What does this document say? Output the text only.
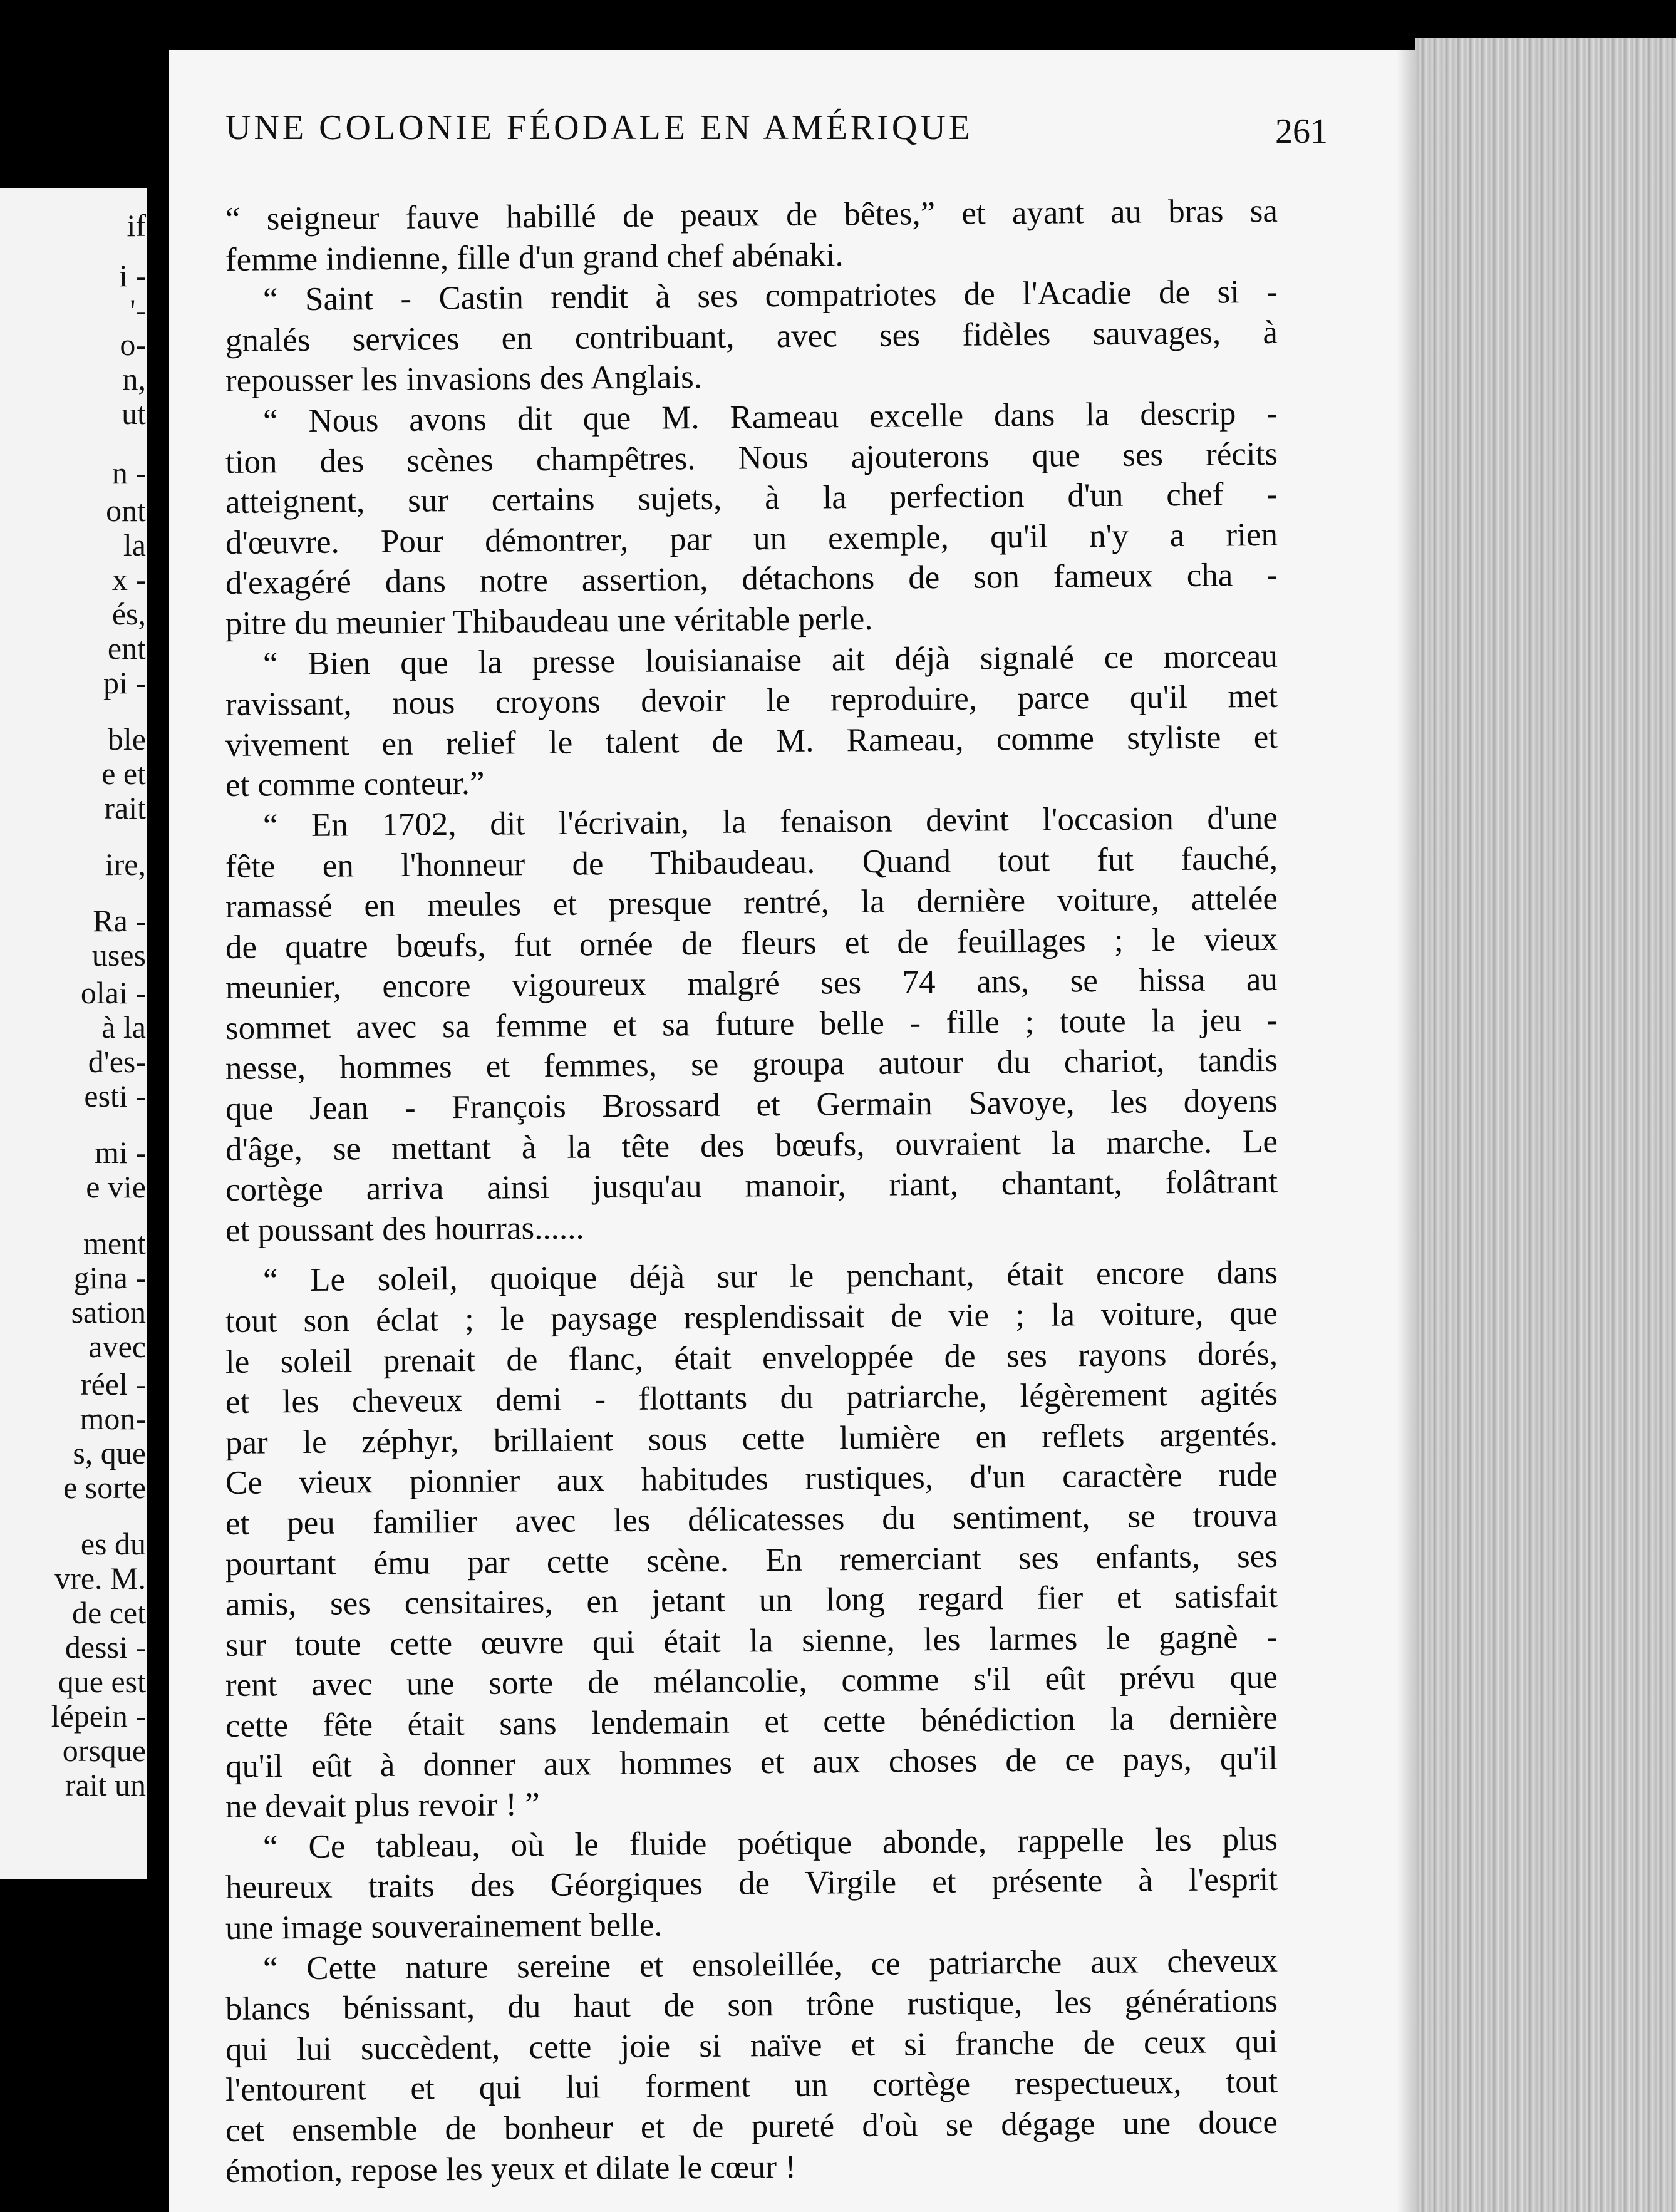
if
i -
'-
o-
n,
ut
n -
ont
la
x -
és,
ent
pi -
ble
e et
rait
ire,
Ra -
uses
olai -
à la
d'es-
esti -
mi -
e vie
ment
gina -
sation
avec
réel -
mon-
s, que
e sorte
es du
vre. M.
de cet
dessi -
que est
lépein -
orsque
rait un
UNE COLONIE FÉODALE EN AMÉRIQUE	261
“ seigneur fauve habillé de peaux de bêtes,” et ayant au bras sa
femme indienne, fille d'un grand chef abénaki.
“ Saint - Castin rendit à ses compatriotes de l'Acadie de si -
gnalés services en contribuant, avec ses fidèles sauvages, à
repousser les invasions des Anglais.
“ Nous avons dit que M. Rameau excelle dans la descrip -
tion des scènes champêtres. Nous ajouterons que ses récits
atteignent, sur certains sujets, à la perfection d'un chef -
d'œuvre. Pour démontrer, par un exemple, qu'il n'y a rien
d'exagéré dans notre assertion, détachons de son fameux cha -
pitre du meunier Thibaudeau une véritable perle.
“ Bien que la presse louisianaise ait déjà signalé ce morceau
ravissant, nous croyons devoir le reproduire, parce qu'il met
vivement en relief le talent de M. Rameau, comme styliste et
et comme conteur.”
“ En 1702, dit l'écrivain, la fenaison devint l'occasion d'une
fête en l'honneur de Thibaudeau. Quand tout fut fauché,
ramassé en meules et presque rentré, la dernière voiture, attelée
de quatre bœufs, fut ornée de fleurs et de feuillages ; le vieux
meunier, encore vigoureux malgré ses 74 ans, se hissa au
sommet avec sa femme et sa future belle - fille ; toute la jeu -
nesse, hommes et femmes, se groupa autour du chariot, tandis
que Jean - François Brossard et Germain Savoye, les doyens
d'âge, se mettant à la tête des bœufs, ouvraient la marche. Le
cortège arriva ainsi jusqu'au manoir, riant, chantant, folâtrant
et poussant des hourras......
“ Le soleil, quoique déjà sur le penchant, était encore dans
tout son éclat ; le paysage resplendissait de vie ; la voiture, que
le soleil prenait de flanc, était enveloppée de ses rayons dorés,
et les cheveux demi - flottants du patriarche, légèrement agités
par le zéphyr, brillaient sous cette lumière en reflets argentés.
Ce vieux pionnier aux habitudes rustiques, d'un caractère rude
et peu familier avec les délicatesses du sentiment, se trouva
pourtant ému par cette scène. En remerciant ses enfants, ses
amis, ses censitaires, en jetant un long regard fier et satisfait
sur toute cette œuvre qui était la sienne, les larmes le gagnè -
rent avec une sorte de mélancolie, comme s'il eût prévu que
cette fête était sans lendemain et cette bénédiction la dernière
qu'il eût à donner aux hommes et aux choses de ce pays, qu'il
ne devait plus revoir ! ”
“ Ce tableau, où le fluide poétique abonde, rappelle les plus
heureux traits des Géorgiques de Virgile et présente à l'esprit
une image souverainement belle.
“ Cette nature sereine et ensoleillée, ce patriarche aux cheveux
blancs bénissant, du haut de son trône rustique, les générations
qui lui succèdent, cette joie si naïve et si franche de ceux qui
l'entourent et qui lui forment un cortège respectueux, tout
cet ensemble de bonheur et de pureté d'où se dégage une douce
émotion, repose les yeux et dilate le cœur !
